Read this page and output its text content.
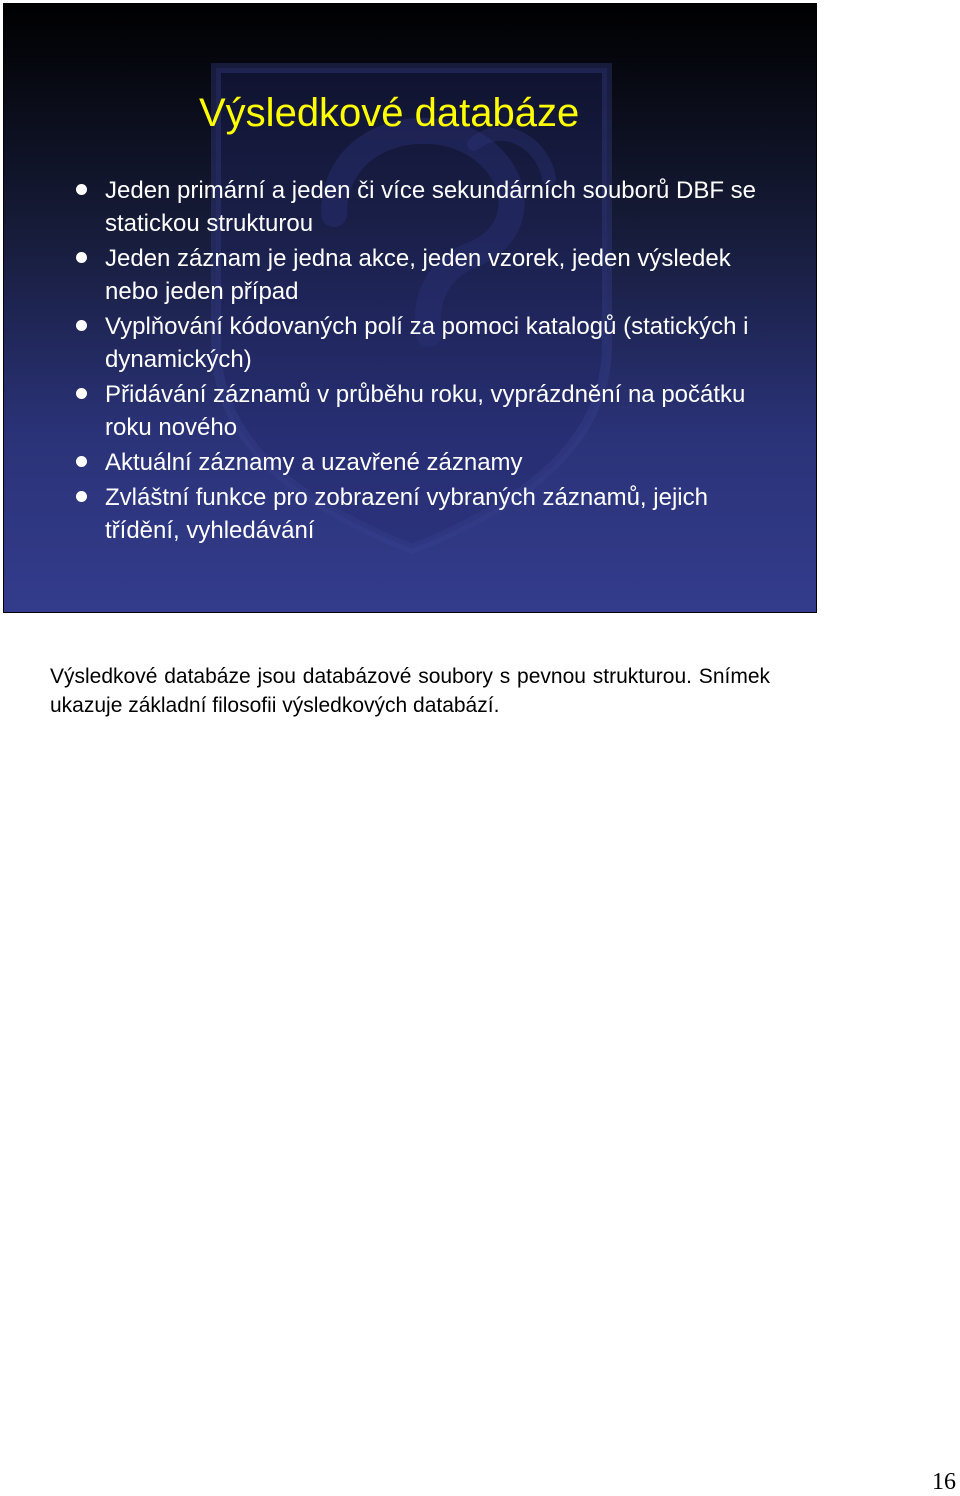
Výsledkové databáze
Jeden primární a jeden či více sekundárních souborů DBF se statickou strukturou
Jeden záznam je jedna akce, jeden vzorek, jeden výsledek nebo jeden případ
Vyplňování kódovaných polí za pomoci katalogů (statických i dynamických)
Přidávání záznamů v průběhu roku, vyprázdnění na počátku roku nového
Aktuální záznamy a uzavřené záznamy
Zvláštní funkce pro zobrazení vybraných záznamů, jejich třídění, vyhledávání

Výsledkové databáze jsou databázové soubory s pevnou strukturou. Snímek ukazuje základní filosofii výsledkových databází.

16
